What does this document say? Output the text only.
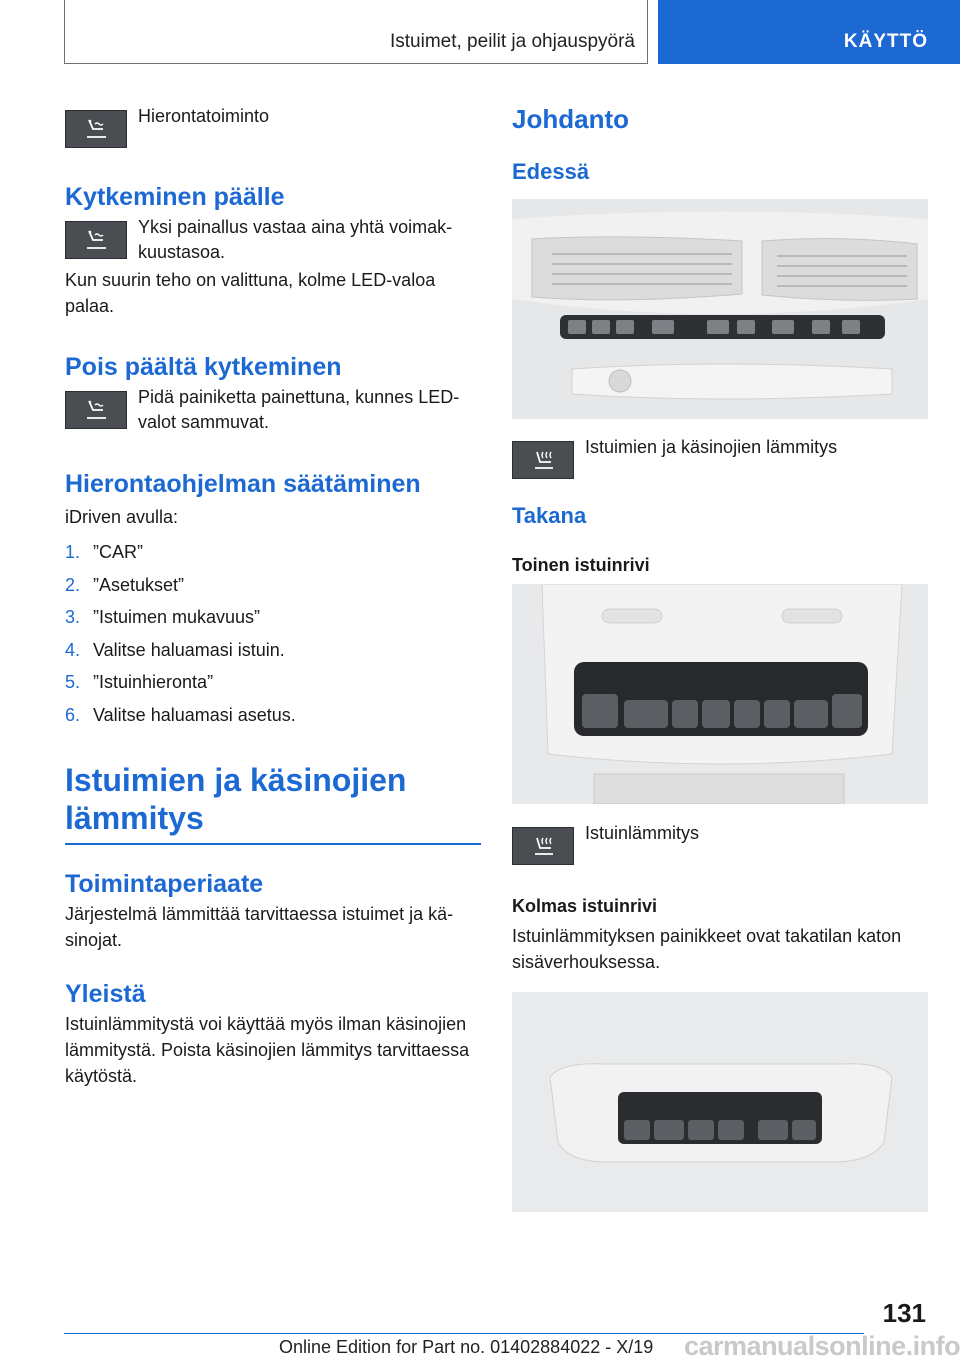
Istuimet, peilit ja ohjauspyörä	KÄYTTÖ
Hierontatoiminto
Kytkeminen päälle
Yksi painallus vastaa aina yhtä voimakkuustasoa.

Kun suurin teho on valittuna, kolme LED-valoa palaa.

Pois päältä kytkeminen
Pidä painiketta painettuna, kunnes LED-valot sammuvat.
Hierontaohjelman säätäminen

iDriven avulla:

1. ”CAR”
2. ”Asetukset”
3. ”Istuimen mukavuus”
4. Valitse haluamasi istuin.
5. ”Istuinhieronta”
6. Valitse haluamasi asetus.
Istuimien ja käsinojien
lämmitys
Toimintaperiaate

Järjestelmä lämmittää tarvittaessa istuimet ja käsinojat.

Yleistä

Istuinlämmitystä voi käyttää myös ilman käsinojien lämmitystä. Poista käsinojien lämmitys tarvittaessa käytöstä.

Johdanto
Edessä
Istuimien ja käsinojien lämmitys
Takana

Toinen istuinrivi

Istuinlämmitys

Kolmas istuinrivi

Istuinlämmityksen painikkeet ovat takatilan katon sisäverhouksessa.

131
Online Edition for Part no. 01402884022 - X/19 carmanualsonline.info
